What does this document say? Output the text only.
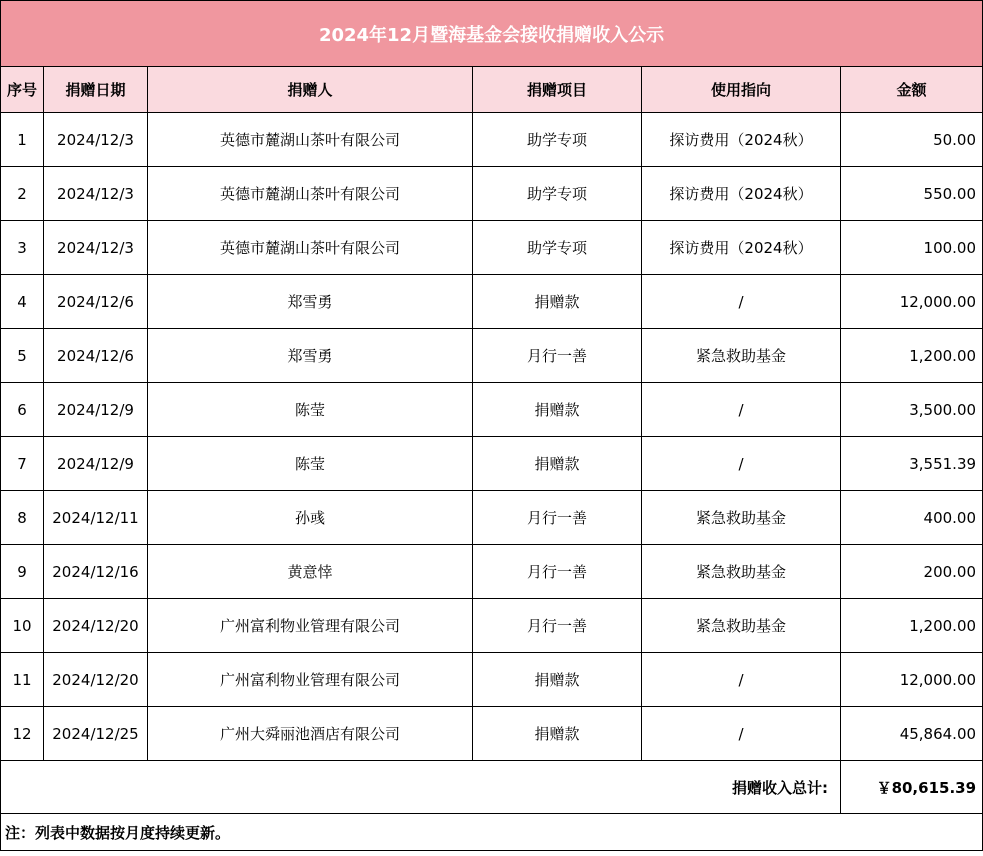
2024年12月暨海基金会接收捐赠收入公示					
序号	捐赠日期	捐赠人	捐赠项目	使用指向	金额
1	2024/12/3	英德市麓湖山茶叶有限公司	助学专项	探访费用（2024秋）	50.00
2	2024/12/3	英德市麓湖山茶叶有限公司	助学专项	探访费用（2024秋）	550.00
3	2024/12/3	英德市麓湖山茶叶有限公司	助学专项	探访费用（2024秋）	100.00
4	2024/12/6	郑雪勇	捐赠款	/	12,000.00
5	2024/12/6	郑雪勇	月行一善	紧急救助基金	1,200.00
6	2024/12/9	陈莹	捐赠款	/	3,500.00
7	2024/12/9	陈莹	捐赠款	/	3,551.39
8	2024/12/11	孙彧	月行一善	紧急救助基金	400.00
9	2024/12/16	黄意悻	月行一善	紧急救助基金	200.00
10	2024/12/20	广州富利物业管理有限公司	月行一善	紧急救助基金	1,200.00
11	2024/12/20	广州富利物业管理有限公司	捐赠款	/	12,000.00
12	2024/12/25	广州大舜丽池酒店有限公司	捐赠款	/	45,864.00
捐赠收入总计:					￥80,615.39
注：列表中数据按月度持续更新。					
